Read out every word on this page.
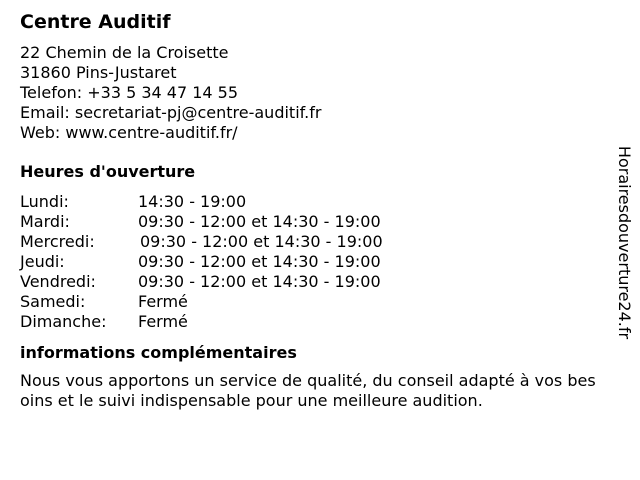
Centre Auditif
22 Chemin de la Croisette
31860 Pins-Justaret
Telefon: +33 5 34 47 14 55
Email: secretariat-pj@centre-auditif.fr
Web: www.centre-auditif.fr/
Heures d'ouverture
Lundi:	14:30 - 19:00
Mardi:	09:30 - 12:00 et 14:30 - 19:00
Mercredi:	09:30 - 12:00 et 14:30 - 19:00
Jeudi:	09:30 - 12:00 et 14:30 - 19:00
Vendredi:	09:30 - 12:00 et 14:30 - 19:00
Samedi:	Fermé
Dimanche:	Fermé
informations complémentaires
Nous vous apportons un service de qualité, du conseil adapté à vos besoins et le suivi indispensable pour une meilleure audition.
Horairesdouverture24.fr
